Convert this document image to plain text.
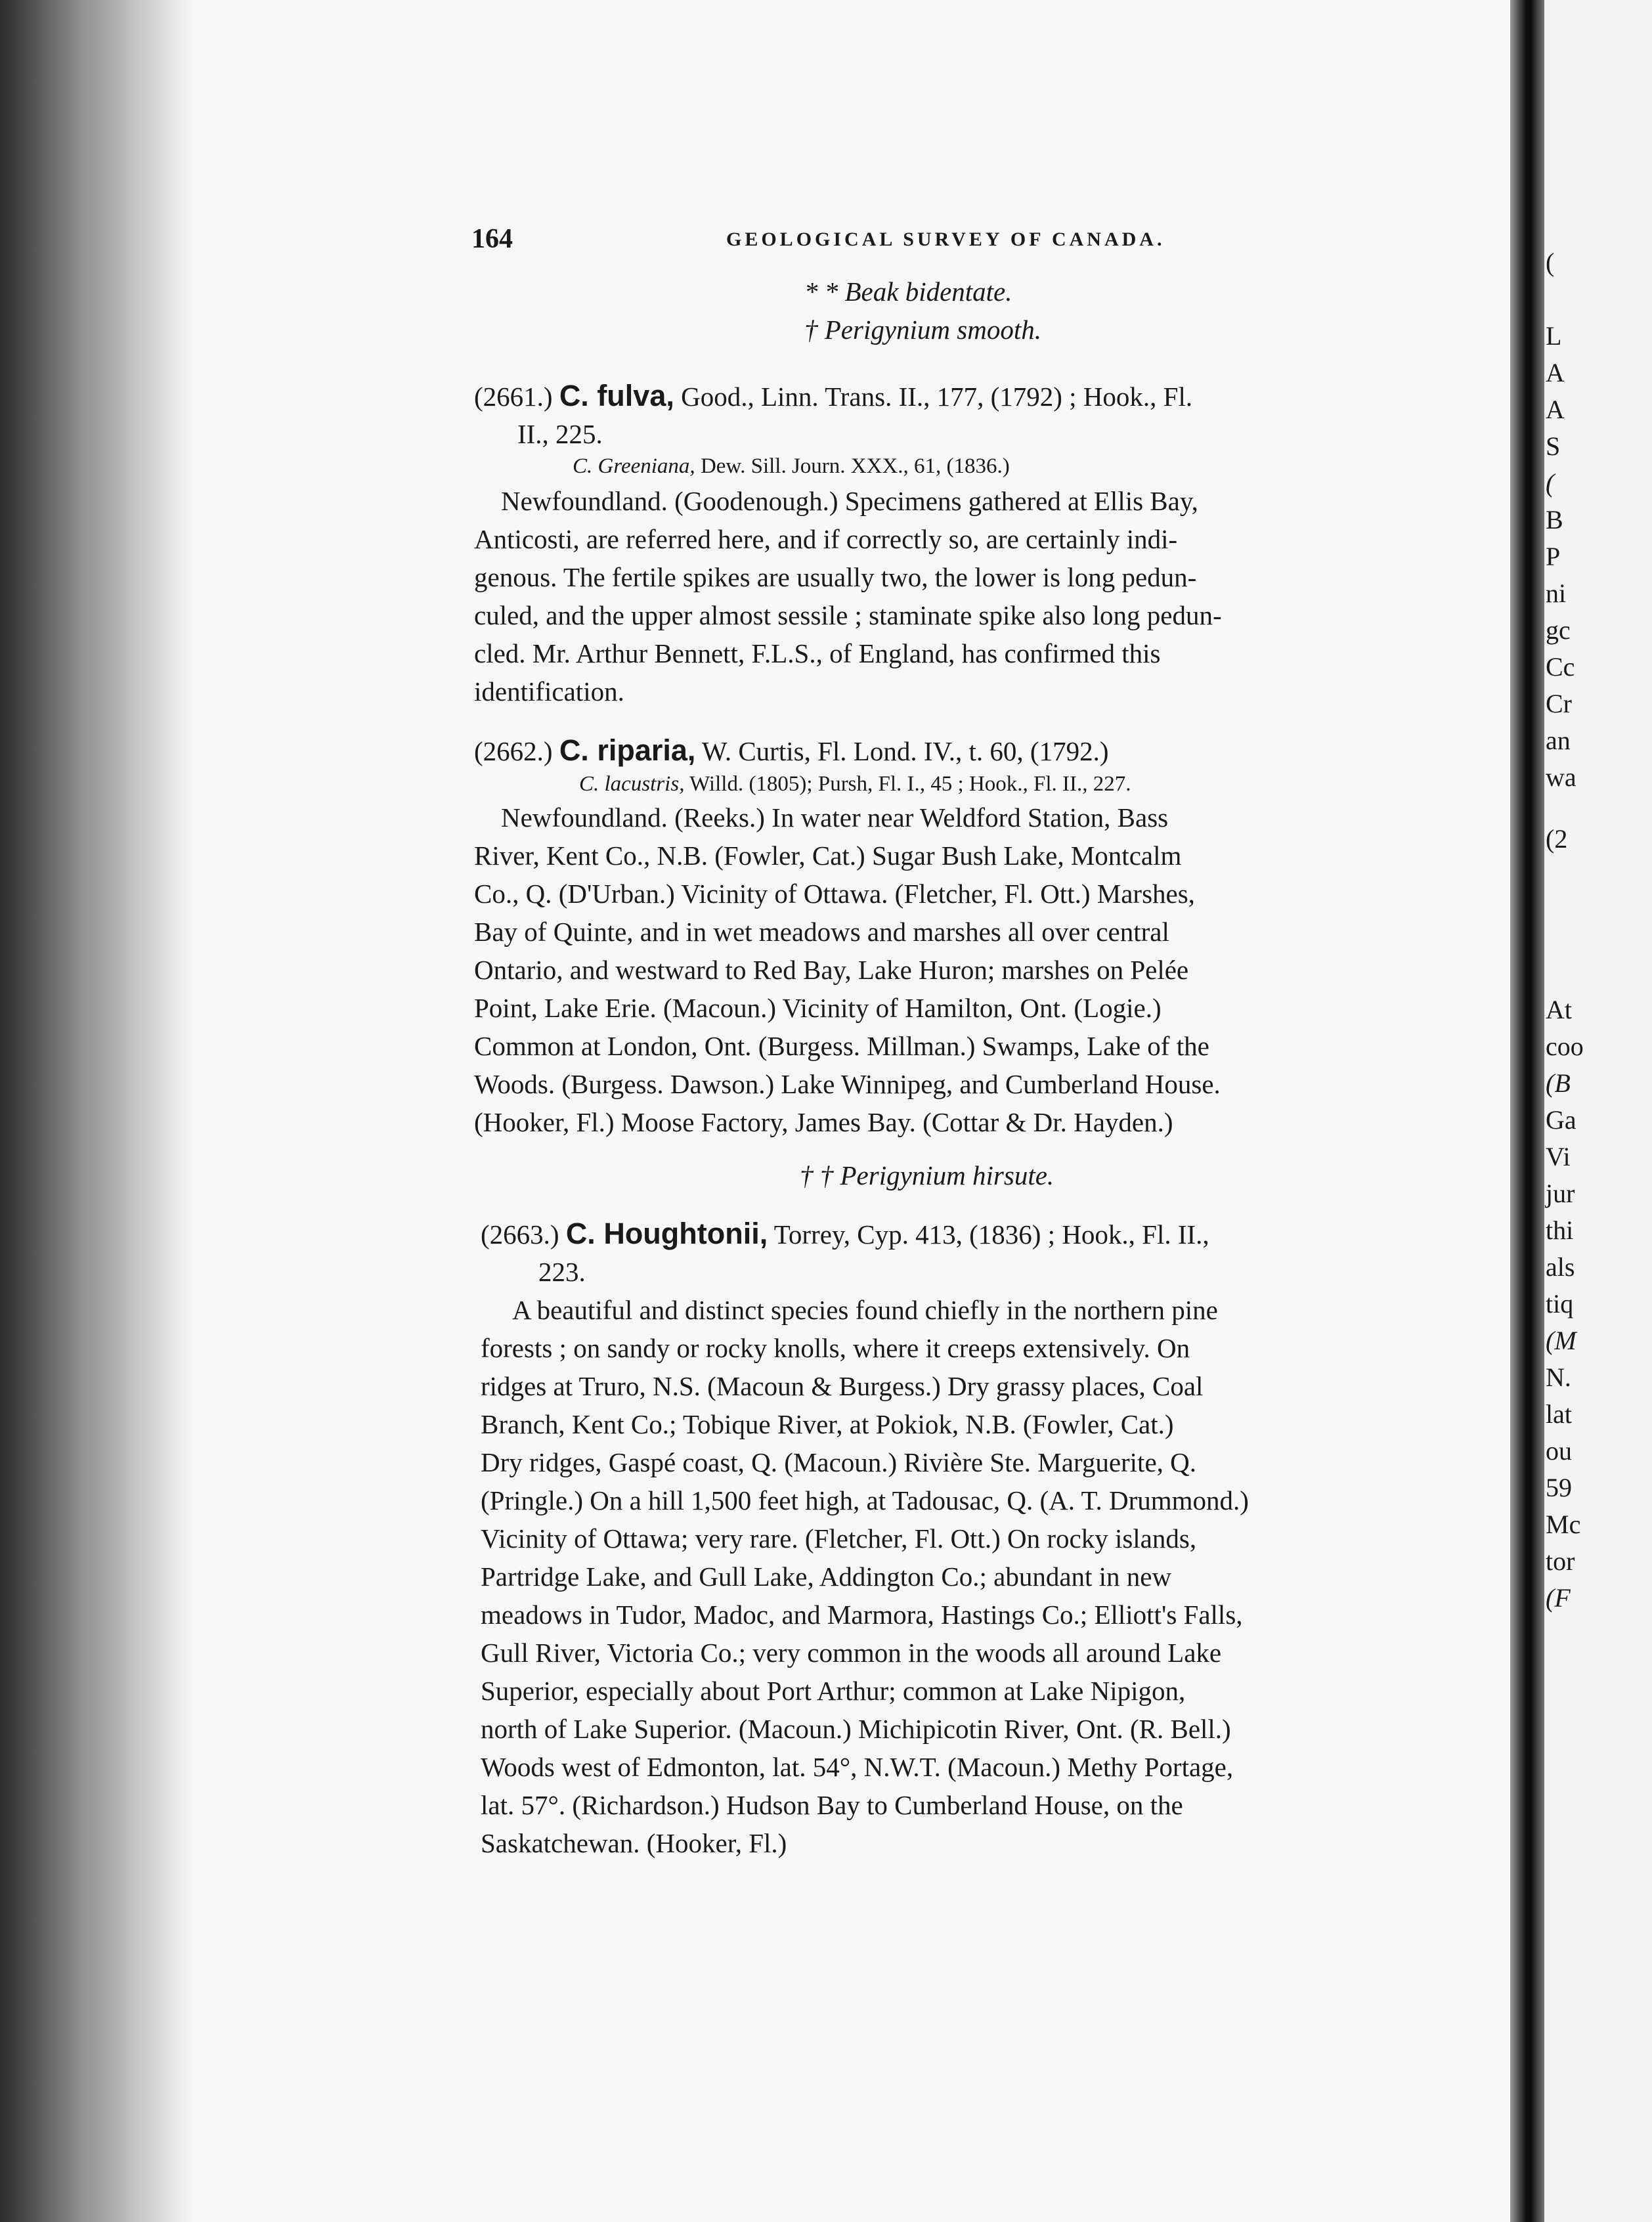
164	GEOLOGICAL SURVEY OF CANADA.
* * Beak bidentate.
† Perigynium smooth.
(2661.) C. fulva, Good., Linn. Trans. II., 177, (1792) ; Hook., Fl.
II., 225.
C. Greeniana, Dew. Sill. Journ. XXX., 61, (1836.)
Newfoundland. (Goodenough.) Specimens gathered at Ellis Bay,
Anticosti, are referred here, and if correctly so, are certainly indi-
genous. The fertile spikes are usually two, the lower is long pedun-
culed, and the upper almost sessile ; staminate spike also long pedun-
cled. Mr. Arthur Bennett, F.L.S., of England, has confirmed this
identification.
(2662.) C. riparia, W. Curtis, Fl. Lond. IV., t. 60, (1792.)
C. lacustris, Willd. (1805); Pursh, Fl. I., 45 ; Hook., Fl. II., 227.
Newfoundland. (Reeks.) In water near Weldford Station, Bass
River, Kent Co., N.B. (Fowler, Cat.) Sugar Bush Lake, Montcalm
Co., Q. (D'Urban.) Vicinity of Ottawa. (Fletcher, Fl. Ott.) Marshes,
Bay of Quinte, and in wet meadows and marshes all over central
Ontario, and westward to Red Bay, Lake Huron; marshes on Pelée
Point, Lake Erie. (Macoun.) Vicinity of Hamilton, Ont. (Logie.)
Common at London, Ont. (Burgess. Millman.) Swamps, Lake of the
Woods. (Burgess. Dawson.) Lake Winnipeg, and Cumberland House.
(Hooker, Fl.) Moose Factory, James Bay. (Cottar & Dr. Hayden.)
† † Perigynium hirsute.
(2663.) C. Houghtonii, Torrey, Cyp. 413, (1836) ; Hook., Fl. II.,
223.
A beautiful and distinct species found chiefly in the northern pine
forests ; on sandy or rocky knolls, where it creeps extensively. On
ridges at Truro, N.S. (Macoun & Burgess.) Dry grassy places, Coal
Branch, Kent Co.; Tobique River, at Pokiok, N.B. (Fowler, Cat.)
Dry ridges, Gaspé coast, Q. (Macoun.) Rivière Ste. Marguerite, Q.
(Pringle.) On a hill 1,500 feet high, at Tadousac, Q. (A. T. Drummond.)
Vicinity of Ottawa; very rare. (Fletcher, Fl. Ott.) On rocky islands,
Partridge Lake, and Gull Lake, Addington Co.; abundant in new
meadows in Tudor, Madoc, and Marmora, Hastings Co.; Elliott's Falls,
Gull River, Victoria Co.; very common in the woods all around Lake
Superior, especially about Port Arthur; common at Lake Nipigon,
north of Lake Superior. (Macoun.) Michipicotin River, Ont. (R. Bell.)
Woods west of Edmonton, lat. 54°, N.W.T. (Macoun.) Methy Portage,
lat. 57°. (Richardson.) Hudson Bay to Cumberland House, on the
Saskatchewan. (Hooker, Fl.)
(
L
A
A
S
(
B
P
ni
gc
Cc
Cr
an
wa
(2
At
coo
(B
Ga
Vi
jur
thi
als
tiq
(M
N.
lat
ou
59
Mc
tor
(F
